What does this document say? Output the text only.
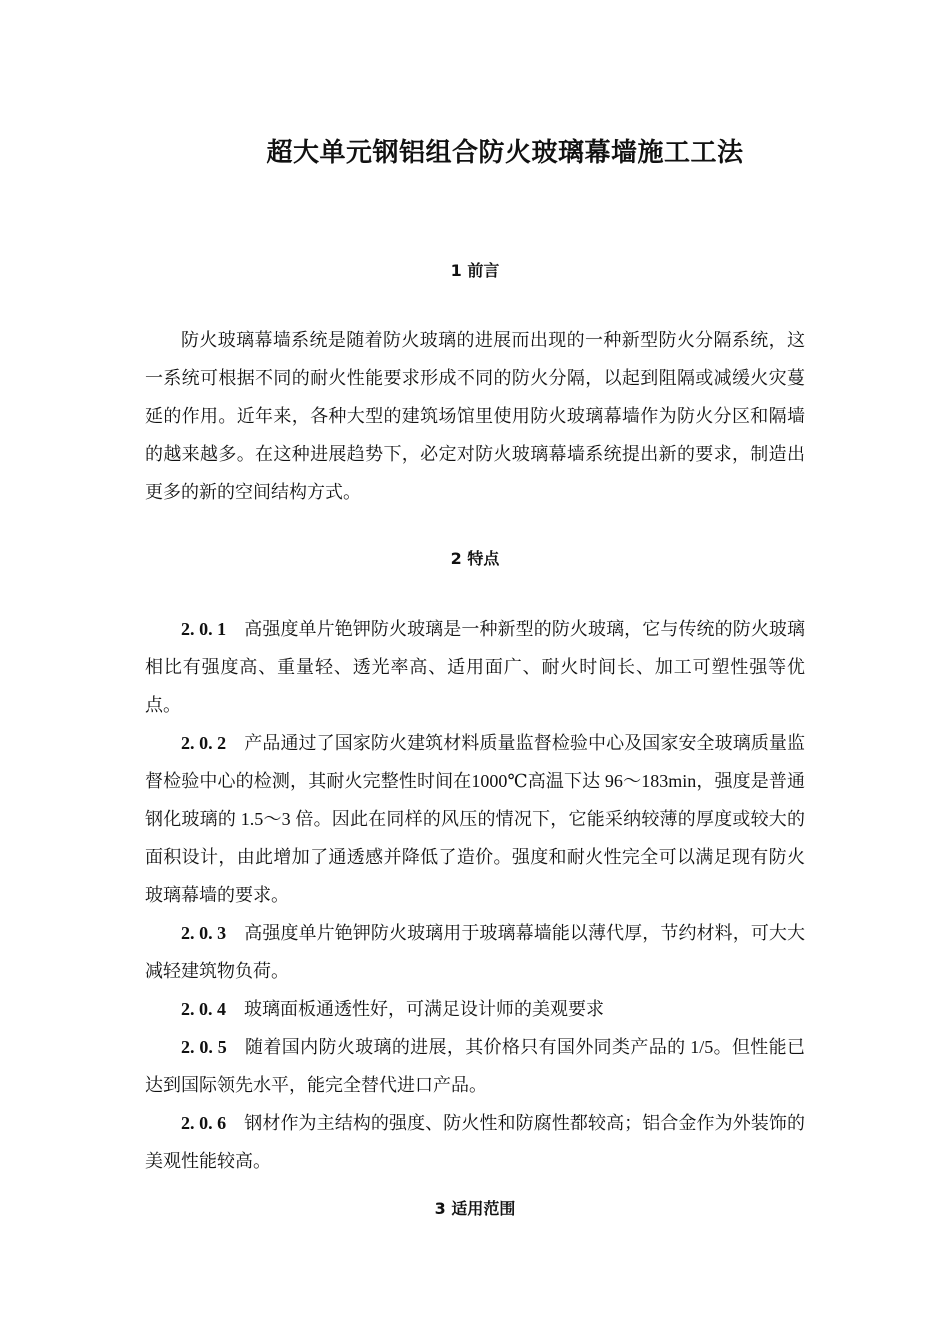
超大单元钢铝组合防火玻璃幕墙施工工法
1 前言

防火玻璃幕墙系统是随着防火玻璃的进展而出现的一种新型防火分隔系统，这一系统可根据不同的耐火性能要求形成不同的防火分隔，以起到阻隔或减缓火灾蔓延的作用。近年来，各种大型的建筑场馆里使用防火玻璃幕墙作为防火分区和隔墙的越来越多。在这种进展趋势下，必定对防火玻璃幕墙系统提出新的要求，制造出更多的新的空间结构方式。

2 特点

2. 0. 1 高强度单片铯钾防火玻璃是一种新型的防火玻璃，它与传统的防火玻璃相比有强度高、重量轻、透光率高、适用面广、耐火时间长、加工可塑性强等优点。

2. 0. 2 产品通过了国家防火建筑材料质量监督检验中心及国家安全玻璃质量监督检验中心的检测，其耐火完整性时间在1000℃高温下达 96～183min，强度是普通钢化玻璃的 1.5～3 倍。因此在同样的风压的情况下，它能采纳较薄的厚度或较大的面积设计，由此增加了通透感并降低了造价。强度和耐火性完全可以满足现有防火玻璃幕墙的要求。

2. 0. 3 高强度单片铯钾防火玻璃用于玻璃幕墙能以薄代厚，节约材料，可大大减轻建筑物负荷。

2. 0. 4 玻璃面板通透性好，可满足设计师的美观要求

2. 0. 5 随着国内防火玻璃的进展，其价格只有国外同类产品的 1/5。但性能已达到国际领先水平，能完全替代进口产品。

2. 0. 6 钢材作为主结构的强度、防火性和防腐性都较高；铝合金作为外装饰的美观性能较高。

3 适用范围
